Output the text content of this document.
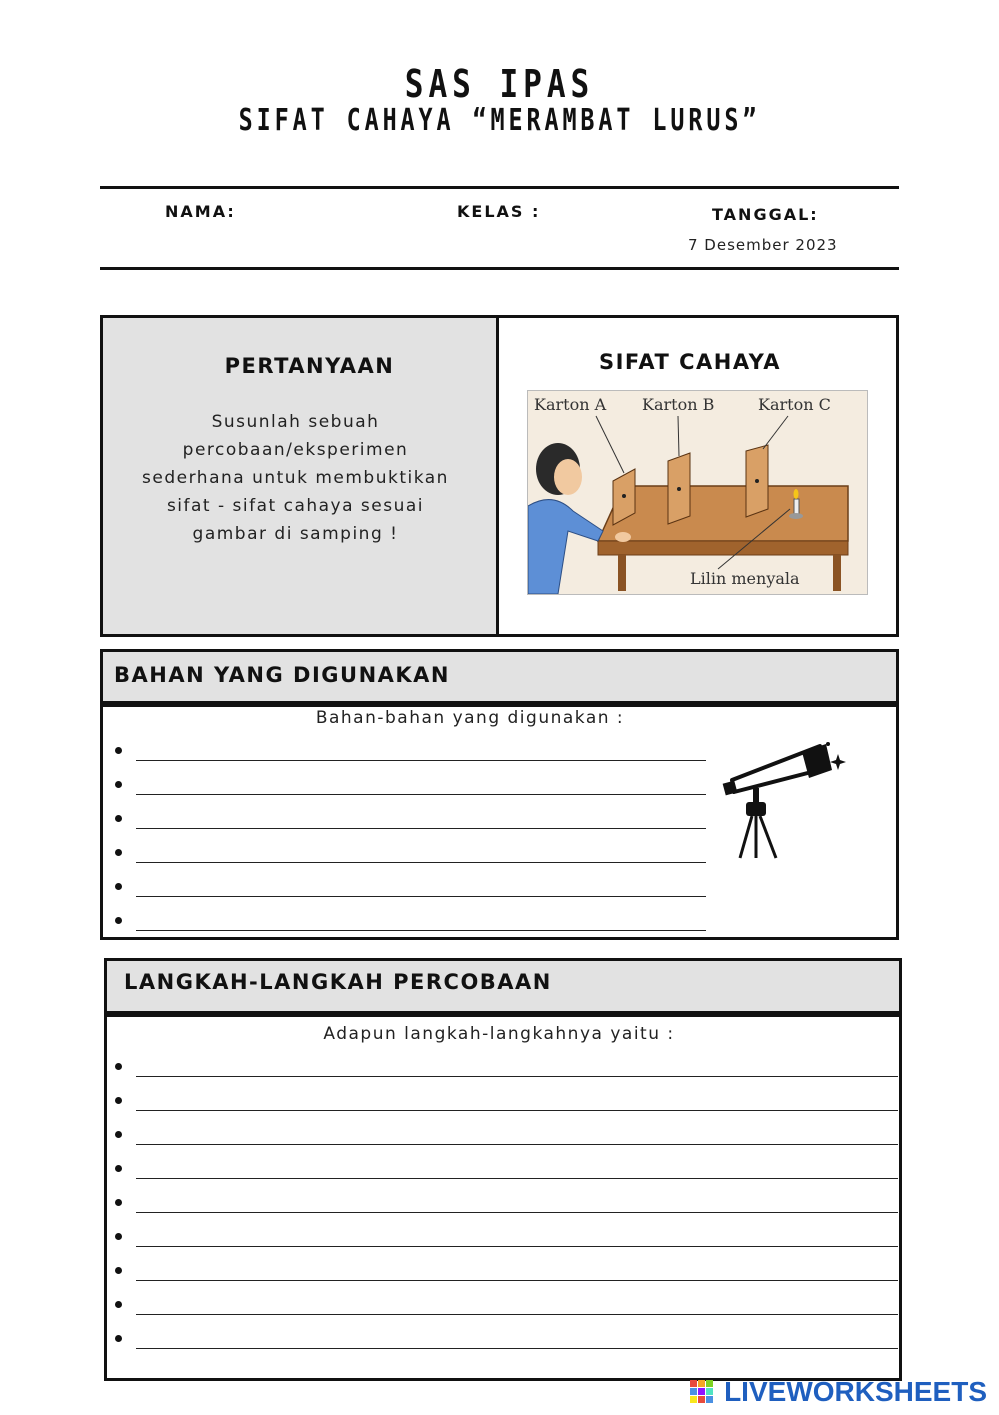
SAS IPAS
SIFAT CAHAYA “MERAMBAT LURUS”
NAMA:	KELAS :	TANGGAL:
7 Desember 2023
PERTANYAAN
Susunlah sebuah
percobaan/eksperimen
sederhana untuk membuktikan
sifat - sifat cahaya sesuai
gambar di samping !
SIFAT CAHAYA
Karton A Karton B	Karton C
Lilin menyala
BAHAN YANG DIGUNAKAN
Bahan-bahan yang digunakan :
LANGKAH-LANGKAH PERCOBAAN
Adapun langkah-langkahnya yaitu :
LIVEWORKSHEETS
